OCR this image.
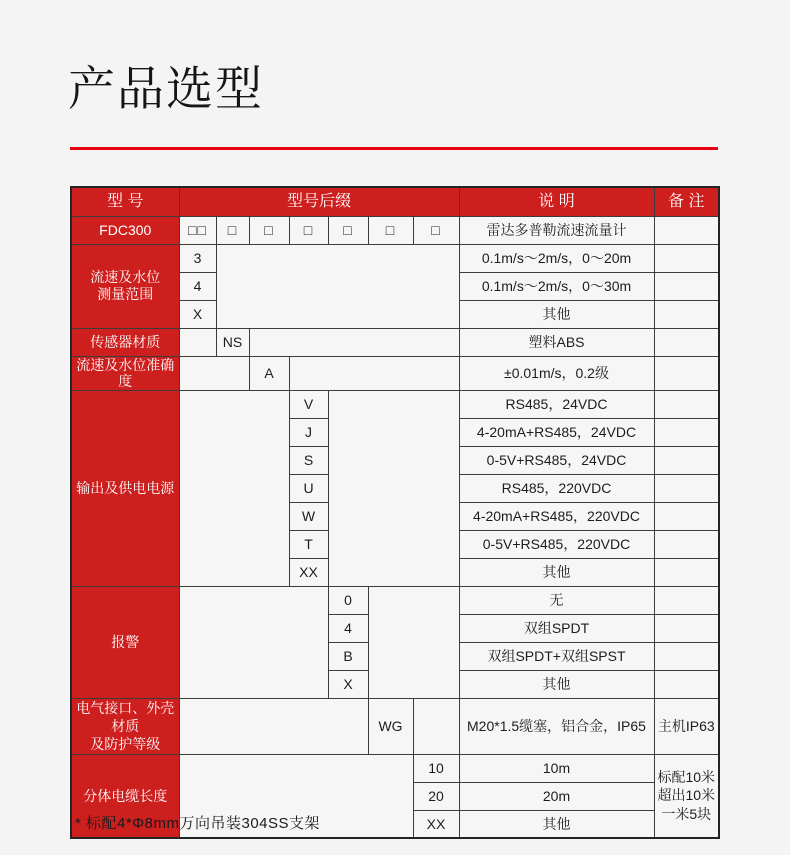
产品选型
型 号	型号后缀							说 明	备 注
FDC300	□□	□	□	□	□	□	□	雷达多普勒流速流量计	

流速及水位
测量范围	3							0.1m/s～2m/s，0～20m	
	4							0.1m/s～2m/s，0～30m	
	X							其他	
传感器材质		NS						塑料ABS	
流速及水位准确度			A					±0.01m/s，0.2级	
输出及供电电源				V				RS485，24VDC	
				J				4-20mA+RS485，24VDC	
				S				0-5V+RS485，24VDC	
				U				RS485，220VDC	
				W				4-20mA+RS485，220VDC	
				T				0-5V+RS485，220VDC	
				XX				其他	
报警					0			无	
					4			双组SPDT	
					B			双组SPDT+双组SPST	
					X			其他	

电气接口、外壳材质
及防护等级						WG		M20*1.5缆塞，铝合金，IP65	主机IP63
分体电缆长度							10	10m	标配10米
超出10米
一米5块

							20	20m	
							XX	其他	
* 标配4*Φ8mm万向吊装304SS支架
